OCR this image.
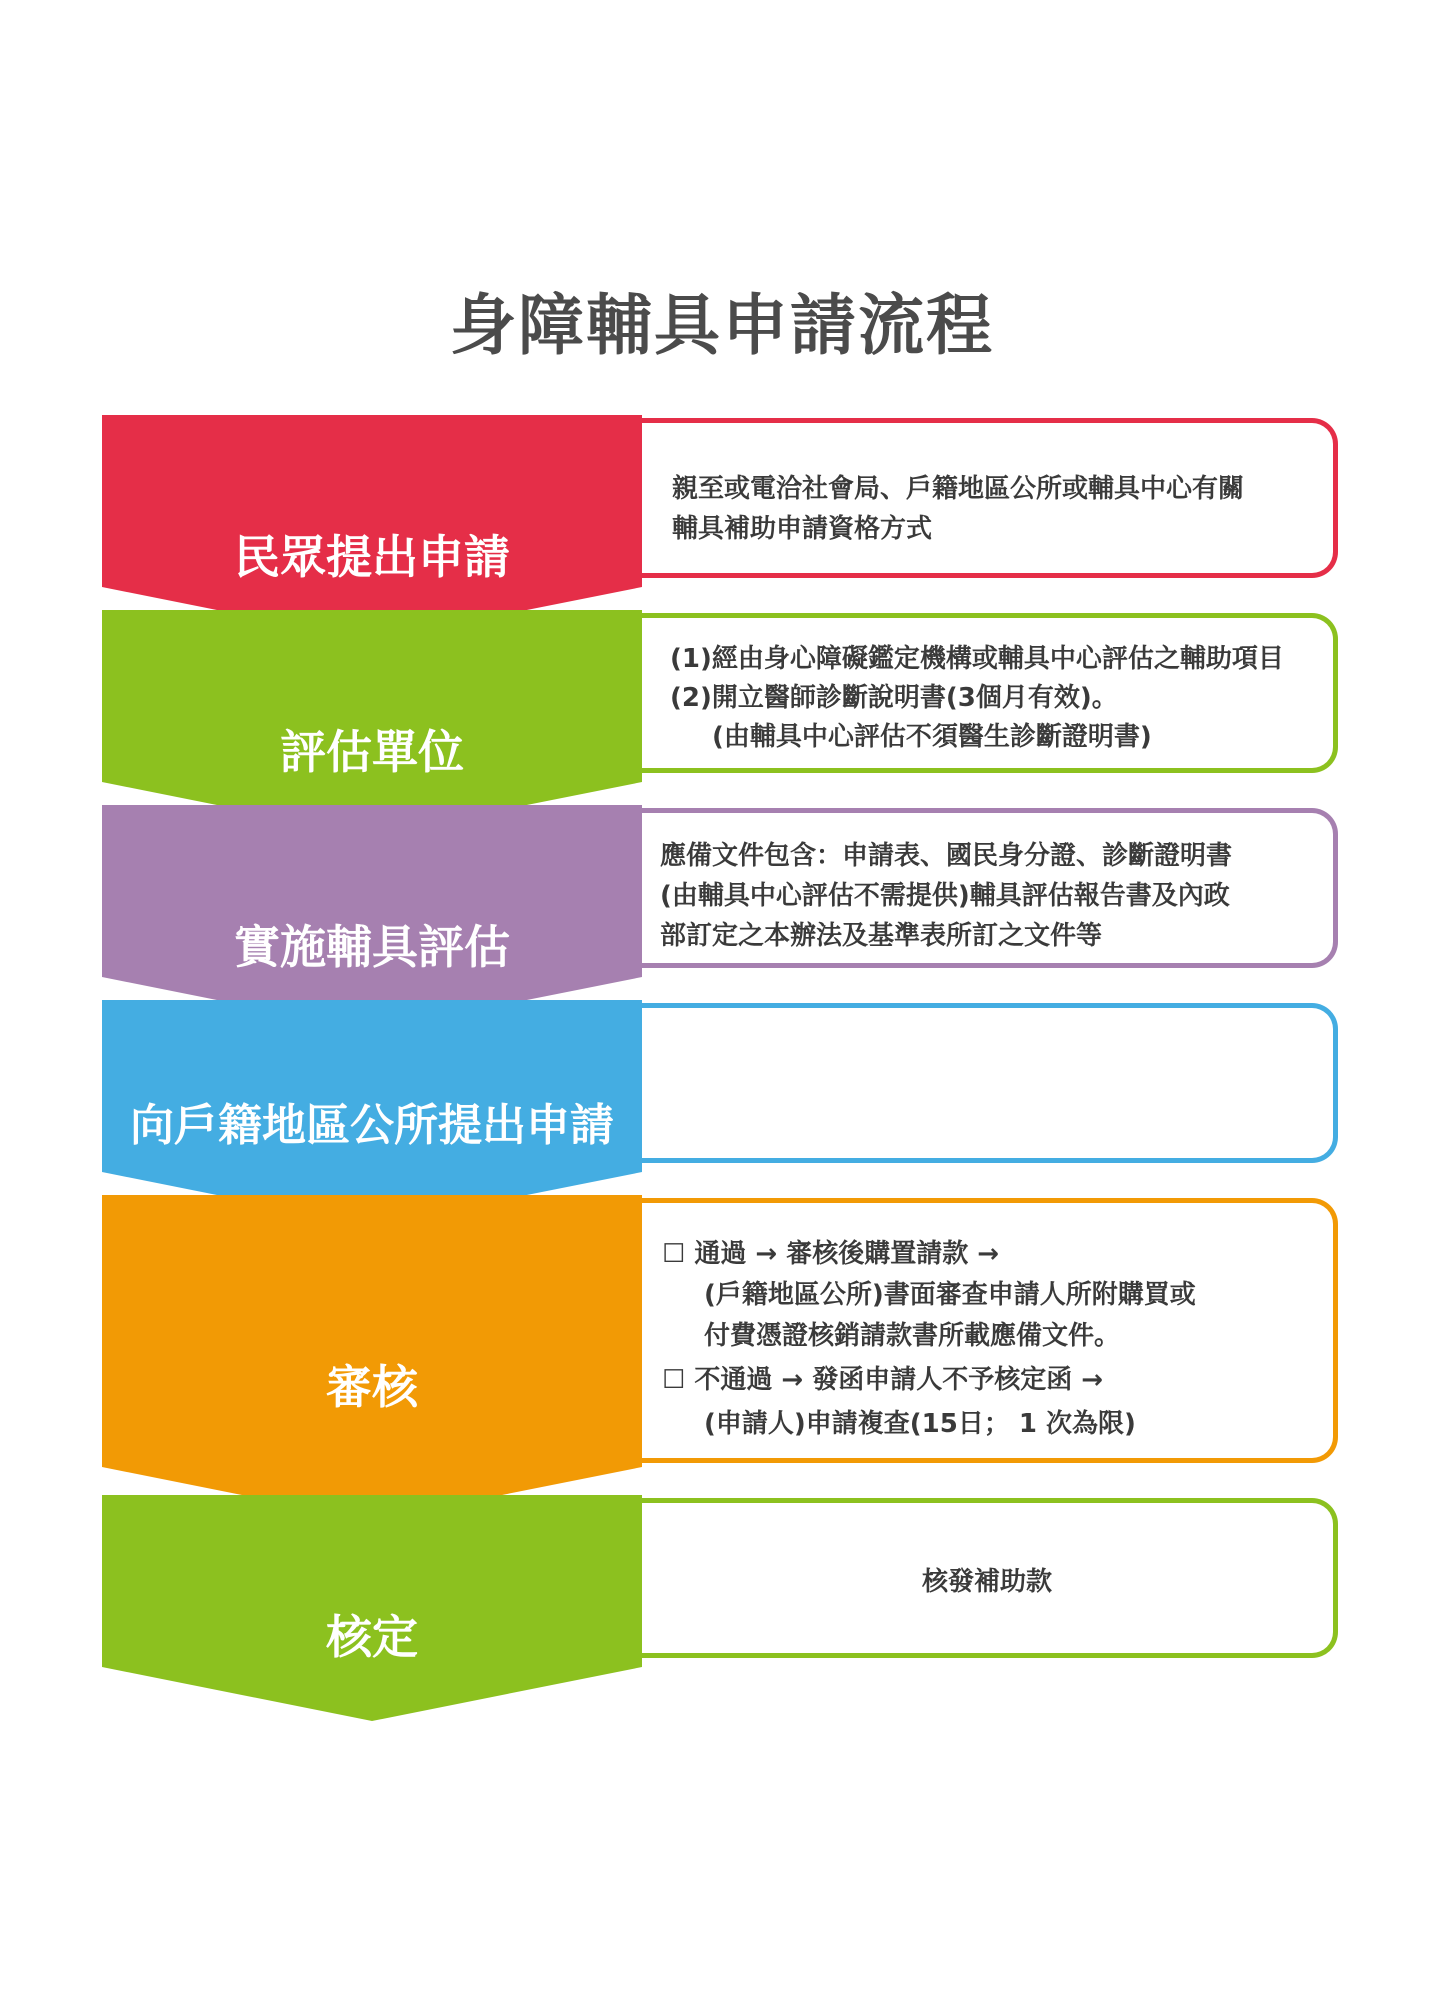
身障輔具申請流程
民眾提出申請
親至或電洽社會局、戶籍地區公所或輔具中心有關
輔具補助申請資格方式
評估單位
(1)經由身心障礙鑑定機構或輔具中心評估之輔助項目
(2)開立醫師診斷說明書(3個月有效)。
(由輔具中心評估不須醫生診斷證明書)
實施輔具評估
應備文件包含：申請表、國民身分證、診斷證明書
(由輔具中心評估不需提供)輔具評估報告書及內政
部訂定之本辦法及基準表所訂之文件等
向戶籍地區公所提出申請
審核
☐ 通過 → 審核後購置請款 →
(戶籍地區公所)書面審查申請人所附購買或
付費憑證核銷請款書所載應備文件。
☐ 不通過 → 發函申請人不予核定函 →
(申請人)申請複查(15日； 1 次為限)
核定
核發補助款
